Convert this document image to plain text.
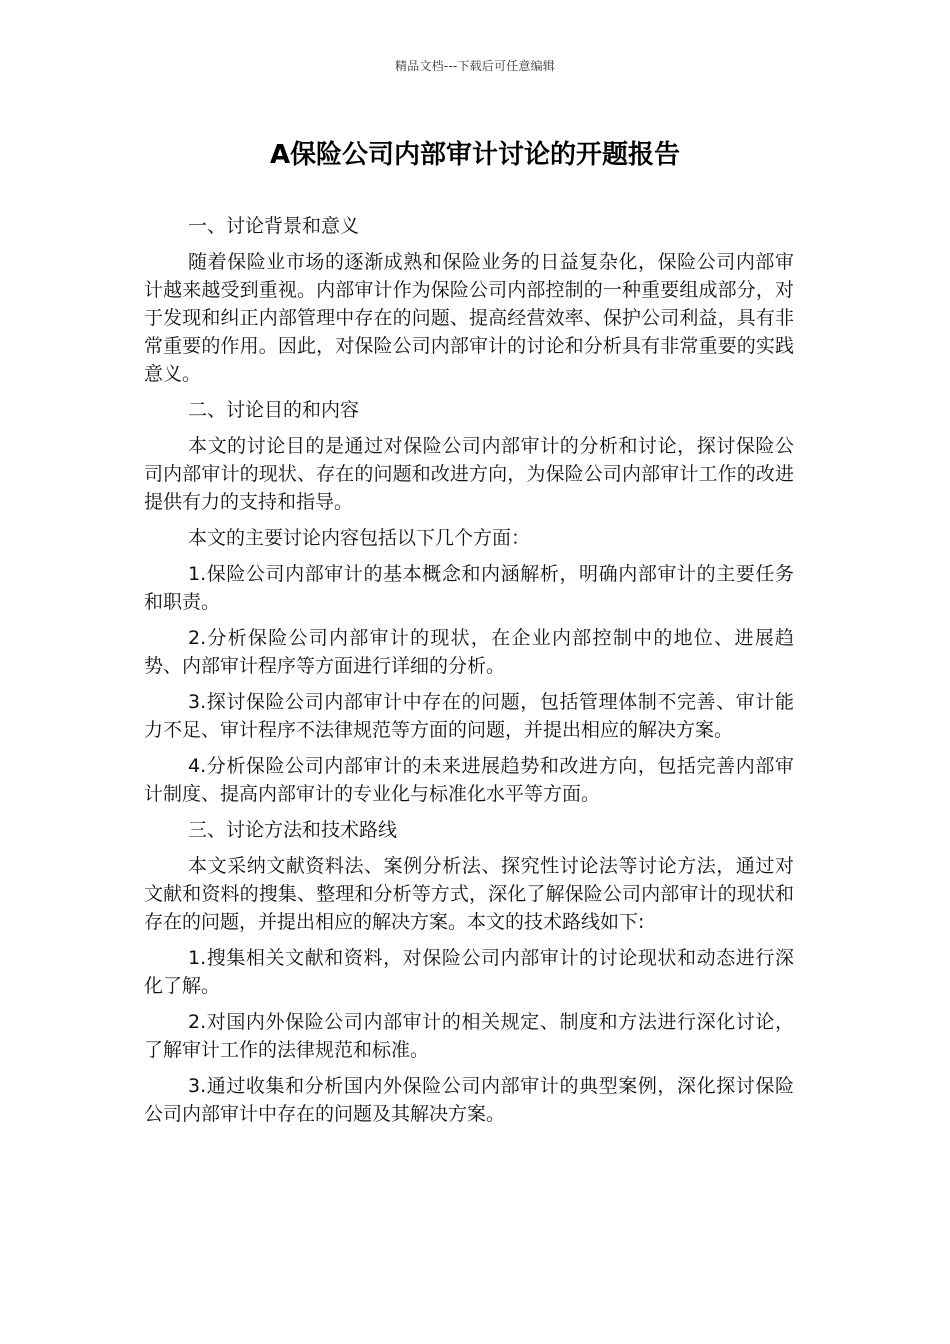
精品文档---下载后可任意编辑
A保险公司内部审计讨论的开题报告

一、讨论背景和意义

随着保险业市场的逐渐成熟和保险业务的日益复杂化，保险公司内部审计越来越受到重视。内部审计作为保险公司内部控制的一种重要组成部分，对于发现和纠正内部管理中存在的问题、提高经营效率、保护公司利益，具有非常重要的作用。因此，对保险公司内部审计的讨论和分析具有非常重要的实践意义。

二、讨论目的和内容

本文的讨论目的是通过对保险公司内部审计的分析和讨论，探讨保险公司内部审计的现状、存在的问题和改进方向，为保险公司内部审计工作的改进提供有力的支持和指导。

本文的主要讨论内容包括以下几个方面：

1.保险公司内部审计的基本概念和内涵解析，明确内部审计的主要任务和职责。

2.分析保险公司内部审计的现状，在企业内部控制中的地位、进展趋势、内部审计程序等方面进行详细的分析。

3.探讨保险公司内部审计中存在的问题，包括管理体制不完善、审计能力不足、审计程序不法律规范等方面的问题，并提出相应的解决方案。

4.分析保险公司内部审计的未来进展趋势和改进方向，包括完善内部审计制度、提高内部审计的专业化与标准化水平等方面。

三、讨论方法和技术路线

本文采纳文献资料法、案例分析法、探究性讨论法等讨论方法，通过对文献和资料的搜集、整理和分析等方式，深化了解保险公司内部审计的现状和存在的问题，并提出相应的解决方案。本文的技术路线如下:

1.搜集相关文献和资料，对保险公司内部审计的讨论现状和动态进行深化了解。

2.对国内外保险公司内部审计的相关规定、制度和方法进行深化讨论，了解审计工作的法律规范和标准。

3.通过收集和分析国内外保险公司内部审计的典型案例，深化探讨保险公司内部审计中存在的问题及其解决方案。
